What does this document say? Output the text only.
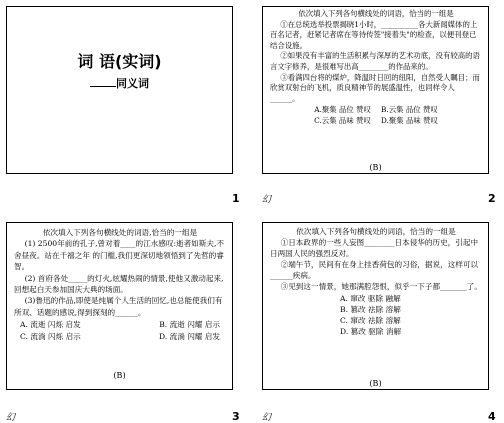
词 语(实词)
同义词
1

依次填入下列各句横线处的词语，恰当的一组是

①在总统选举投票揭晓1小时，__________各大新闻媒体的上百名记者，赶紧记者席在等待传签"接着失"的检查，以便刊登已结合设施。

②如果没有丰富的生活积累与深厚的艺术功底，没有较高的语言文字修养，是很难写出高________的作品来的。

③看满四台将的煤炉，降温时日回的纽阳，自然受人瞩目；而欣赏双射台的飞机，质良精神节的展盛温性，也同样令人______。

A.聚集 品位 赞叹 B.云集 品位 赞叹
C.云集 品味 赞叹 D.聚集 品味 赞叹

(B)

幻	2

依次填入下列各句横线处的词语,恰当的一组是

(1) 2500年前的孔子,曾对着____的江水感叹:逝者如斯夫,不舍昼夜。站在千禧之年 的门槛,我们更深切地领悟到了先哲的睿智。

(2) 首府各处_____的灯火,炫耀热闹的情景,使他又激动起来,回想起白天参加国庆大典的场面。

(3)鲁迅的作品,即使是纯属个人生活的回忆,也总能使我们有所双、话题的感说,得到探刻的______。

A. 流逝 闪烁 启发	B. 流逝 闪耀 启示
C. 流淌 闪烁 启示	D. 流淌 闪耀 启发

(B)

幻	3

依次填入下列各句横线处的词语，恰当的一组是

①日本政界的一些人妄图________日本侵华的历史，引起中日两国人民的强烈反对。

②端午节，民间有在身上挂香荷包的习俗，据说，这样可以______疾病。

③见到这一情景，她那满腔怨恨，似乎一下子都_______了。

A. 窜改 驱除 融解
B. 篡改 祛除 溶解
C. 窜改 祛除 溶解
D. 篡改 驱除 消解

(B)

幻	4
